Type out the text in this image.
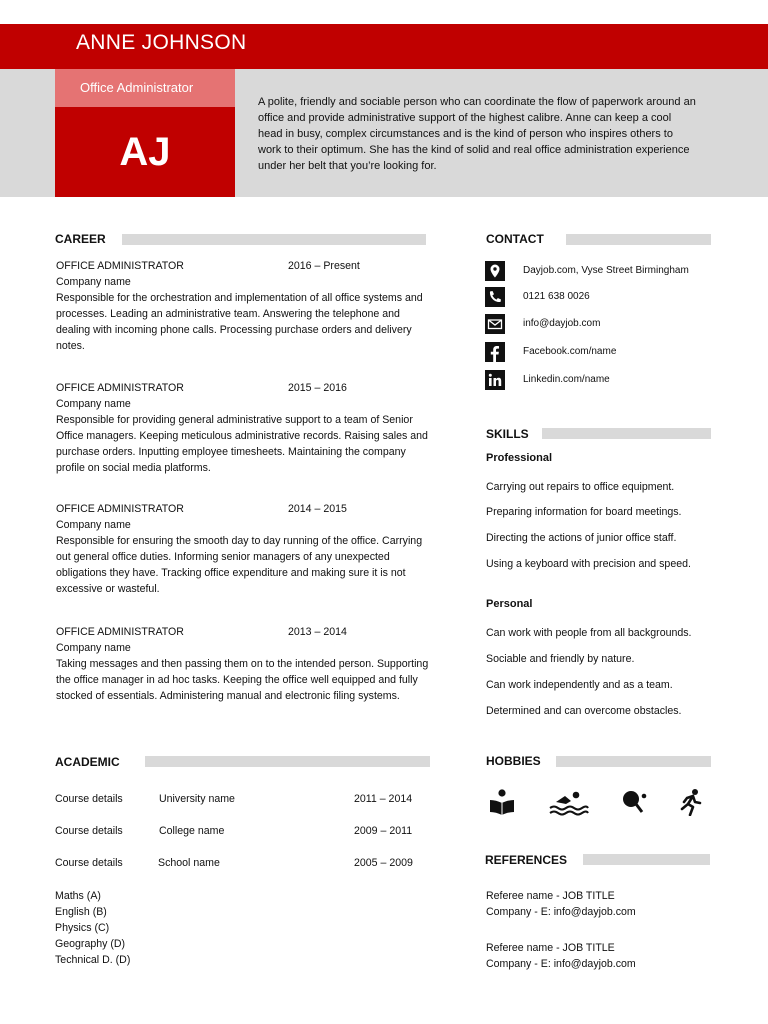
ANNE JOHNSON
Office Administrator
AJ
A polite, friendly and sociable person who can coordinate the flow of paperwork around an office and provide administrative support of the highest calibre. Anne can keep a cool head in busy, complex circumstances and is the kind of person who inspires others to work to their optimum. She has the kind of solid and real office administration experience under her belt that you’re looking for.
CAREER
OFFICE ADMINISTRATOR	2016 – Present
Company name
Responsible for the orchestration and implementation of all office systems and processes. Leading an administrative team. Answering the telephone and dealing with incoming phone calls. Processing purchase orders and delivery notes.
OFFICE ADMINISTRATOR	2015 – 2016
Company name
Responsible for providing general administrative support to a team of Senior Office managers. Keeping meticulous administrative records. Raising sales and purchase orders. Inputting employee timesheets. Maintaining the company profile on social media platforms.
OFFICE ADMINISTRATOR	2014 – 2015
Company name
Responsible for ensuring the smooth day to day running of the office. Carrying out general office duties. Informing senior managers of any unexpected obligations they have. Tracking office expenditure and making sure it is not excessive or wasteful.
OFFICE ADMINISTRATOR	2013 – 2014
Company name
Taking messages and then passing them on to the intended person. Supporting the office manager in ad hoc tasks. Keeping the office well equipped and fully stocked of essentials. Administering manual and electronic filing systems.
ACADEMIC
Course details	University name	2011 – 2014
Course details	College name	2009 – 2011
Course details	School name	2005 – 2009
Maths (A)
English (B)
Physics (C)
Geography (D)
Technical D. (D)
CONTACT
Dayjob.com, Vyse Street Birmingham
0121 638 0026
info@dayjob.com
Facebook.com/name
Linkedin.com/name
SKILLS
Professional
Carrying out repairs to office equipment.
Preparing information for board meetings.
Directing the actions of junior office staff.
Using a keyboard with precision and speed.
Personal
Can work with people from all backgrounds.
Sociable and friendly by nature.
Can work independently and as a team.
Determined and can overcome obstacles.
HOBBIES
REFERENCES
Referee name - JOB TITLE
Company - E: info@dayjob.com
Referee name - JOB TITLE
Company - E: info@dayjob.com
